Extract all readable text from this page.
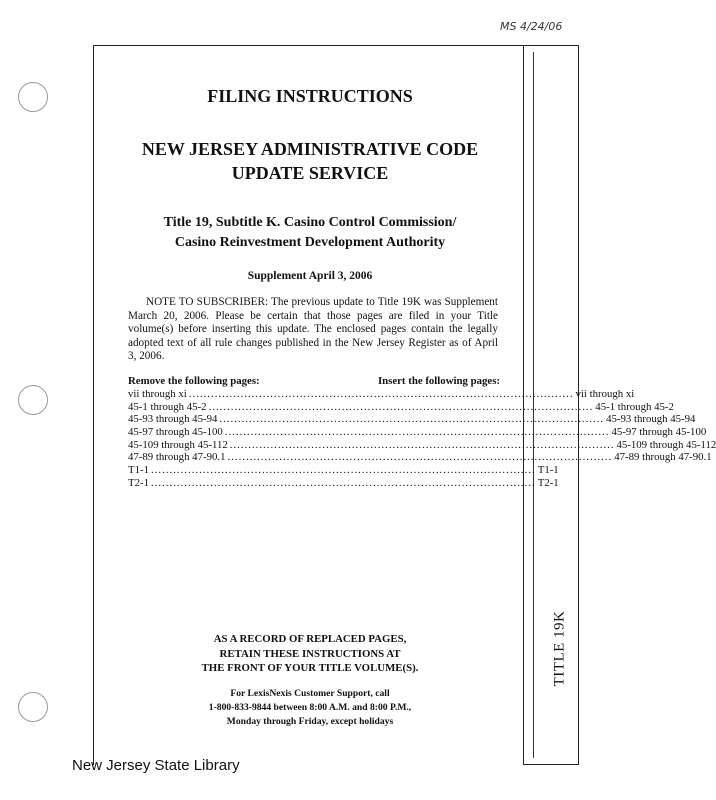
MS 4/24/06
TITLE 19K
FILING INSTRUCTIONS
NEW JERSEY ADMINISTRATIVE CODE
UPDATE SERVICE
Title 19, Subtitle K. Casino Control Commission/
Casino Reinvestment Development Authority
Supplement April 3, 2006
NOTE TO SUBSCRIBER: The previous update to Title 19K was Supplement March 20, 2006. Please be certain that those pages are filed in your Title volume(s) before inserting this update. The enclosed pages contain the legally adopted text of all rule changes published in the New Jersey Register as of April 3, 2006.
Remove the following pages:	Insert the following pages:
vii through xi ........................................................................................................ vii through xi
45-1 through 45-2 ........................................................................................................ 45-1 through 45-2
45-93 through 45-94 ........................................................................................................ 45-93 through 45-94
45-97 through 45-100 ........................................................................................................ 45-97 through 45-100
45-109 through 45-112 ........................................................................................................ 45-109 through 45-112
47-89 through 47-90.1 ........................................................................................................ 47-89 through 47-90.1
T1-1 ........................................................................................................ T1-1
T2-1 ........................................................................................................ T2-1
AS A RECORD OF REPLACED PAGES,
RETAIN THESE INSTRUCTIONS AT
THE FRONT OF YOUR TITLE VOLUME(S).
For LexisNexis Customer Support, call
1-800-833-9844 between 8:00 A.M. and 8:00 P.M.,
Monday through Friday, except holidays
New Jersey State Library
